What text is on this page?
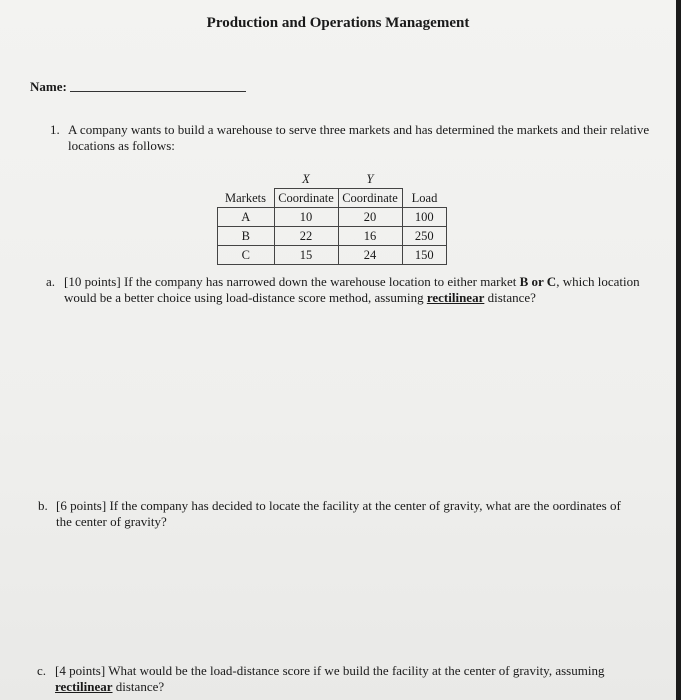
Production and Operations Management
Name:
1. A company wants to build a warehouse to serve three markets and has determined the markets and their relative locations as follows:
	X	Y	
Markets	Coordinate	Coordinate	Load
A	10	20	100
B	22	16	250
C	15	24	150
a. [10 points] If the company has narrowed down the warehouse location to either market B or C, which location would be a better choice using load-distance score method, assuming rectilinear distance?
b. [6 points] If the company has decided to locate the facility at the center of gravity, what are the oordinates of the center of gravity?
c. [4 points] What would be the load-distance score if we build the facility at the center of gravity, assuming rectilinear distance?
